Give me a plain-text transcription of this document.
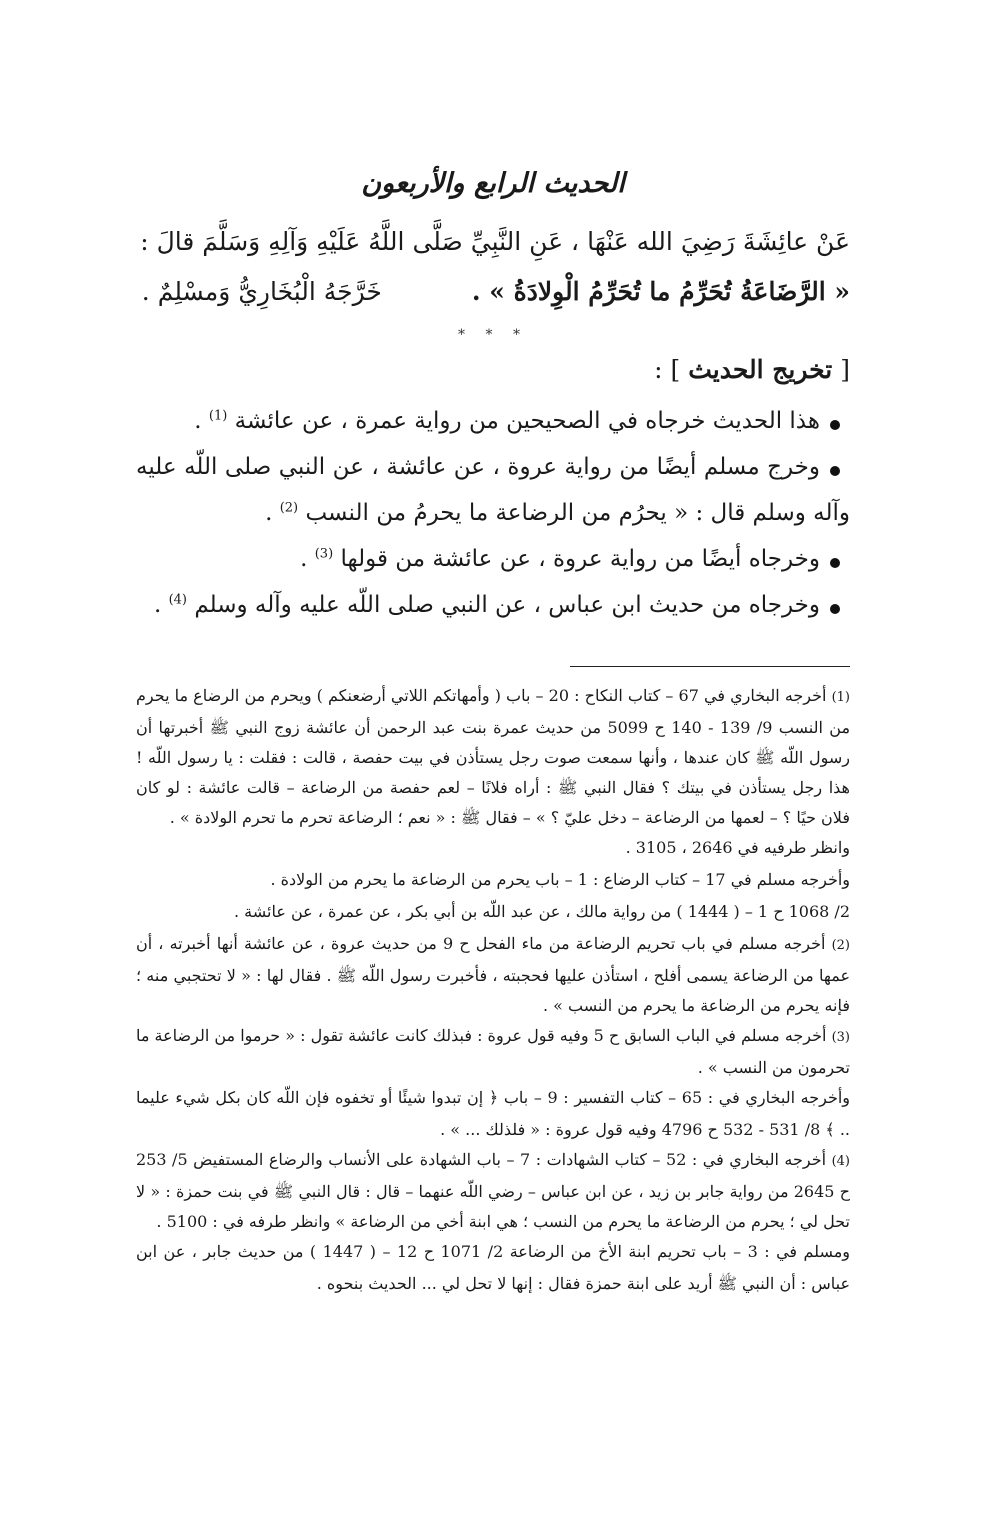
الحديث الرابع والأربعون

عَنْ عائِشَةَ رَضِيَ الله عَنْهَا ، عَنِ النَّبِيِّ صَلَّى اللَّهُ عَلَيْهِ وَآلِهِ وَسَلَّمَ قالَ :

« الرَّضَاعَةُ تُحَرِّمُ ما تُحَرِّمُ الْوِلادَةُ » .
خَرَّجَهُ الْبُخَارِيُّ وَمسْلِمٌ .
* * *
[ تخريج الحديث ] :
هذا الحديث خرجاه في الصحيحين من رواية عمرة ، عن عائشة $^{(1)}$ .
وخرج مسلم أيضًا من رواية عروة ، عن عائشة ، عن النبي صلى اللّه عليه وآله وسلم قال : « يحرُم من الرضاعة ما يحرمُ من النسب $^{(2)}$ .
وخرجاه أيضًا من رواية عروة ، عن عائشة من قولها $^{(3)}$ .
وخرجاه من حديث ابن عباس ، عن النبي صلى اللّه عليه وآله وسلم $^{(4)}$ .

(1) أخرجه البخاري في 67 – كتاب النكاح : 20 – باب ( وأمهاتكم اللاتي أرضعنكم ) ويحرم من الرضاع ما يحرم من النسب 9/ 139 - 140 ح 5099 من حديث عمرة بنت عبد الرحمن أن عائشة زوج النبي ﷺ أخبرتها أن رسول اللّه ﷺ كان عندها ، وأنها سمعت صوت رجل يستأذن في بيت حفصة ، قالت : فقلت : يا رسول اللّه ! هذا رجل يستأذن في بيتك ؟ فقال النبي ﷺ : أراه فلانًا – لعم حفصة من الرضاعة – قالت عائشة : لو كان فلان حيًا ؟ – لعمها من الرضاعة – دخل عليّ ؟ » – فقال ﷺ : « نعم ؛ الرضاعة تحرم ما تحرم الولادة » .

وانظر طرفيه في 2646 ، 3105 .

وأخرجه مسلم في 17 – كتاب الرضاع : 1 – باب يحرم من الرضاعة ما يحرم من الولادة .

2/ 1068 ح 1 – ( 1444 ) من رواية مالك ، عن عبد اللّه بن أبي بكر ، عن عمرة ، عن عائشة .

(2) أخرجه مسلم في باب تحريم الرضاعة من ماء الفحل ح 9 من حديث عروة ، عن عائشة أنها أخبرته ، أن عمها من الرضاعة يسمى أفلح ، استأذن عليها فحجبته ، فأخبرت رسول اللّه ﷺ . فقال لها : « لا تحتجبي منه ؛ فإنه يحرم من الرضاعة ما يحرم من النسب » .

(3) أخرجه مسلم في الباب السابق ح 5 وفيه قول عروة : فبذلك كانت عائشة تقول : « حرموا من الرضاعة ما تحرمون من النسب » .

وأخرجه البخاري في : 65 – كتاب التفسير : 9 – باب ﴿ إن تبدوا شيئًا أو تخفوه فإن اللّه كان بكل شيء عليما .. ﴾ 8/ 531 - 532 ح 4796 وفيه قول عروة : « فلذلك ... » .

(4) أخرجه البخاري في : 52 – كتاب الشهادات : 7 – باب الشهادة على الأنساب والرضاع المستفيض 5/ 253 ح 2645 من رواية جابر بن زيد ، عن ابن عباس – رضي اللّه عنهما – قال : قال النبي ﷺ في بنت حمزة : « لا تحل لي ؛ يحرم من الرضاعة ما يحرم من النسب ؛ هي ابنة أخي من الرضاعة » وانظر طرفه في : 5100 .

ومسلم في : 3 – باب تحريم ابنة الأخ من الرضاعة 2/ 1071 ح 12 – ( 1447 ) من حديث جابر ، عن ابن عباس : أن النبي ﷺ أريد على ابنة حمزة فقال : إنها لا تحل لي ... الحديث بنحوه .
